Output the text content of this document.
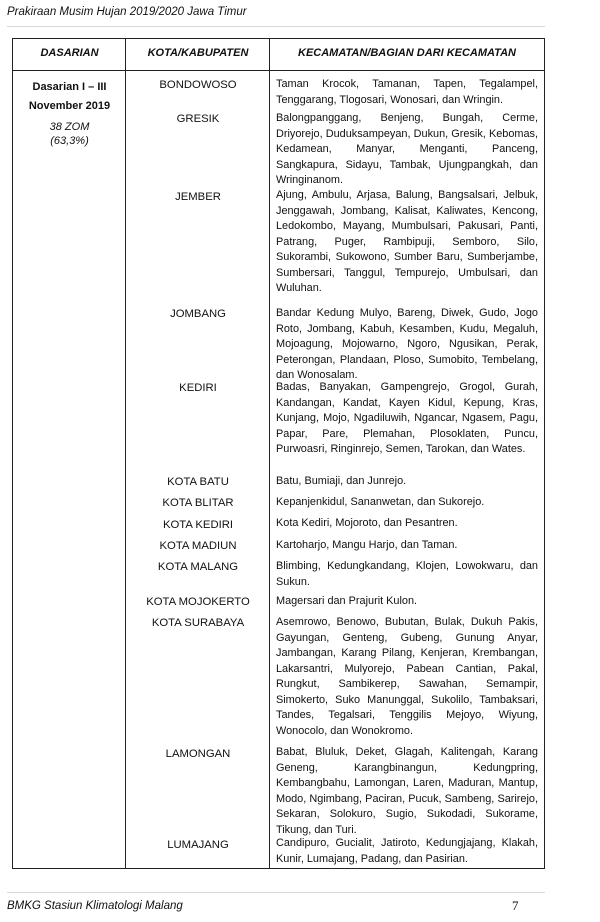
Prakiraan Musim Hujan 2019/2020 Jawa Timur
DASARIAN	KOTA/KABUPATEN	KECAMATAN/BAGIAN DARI KECAMATAN
Dasarian I – III
November 2019
38 ZOM
(63,3%)
BONDOWOSO	Taman Krocok, Tamanan, Tapen, Tegalampel, Tenggarang, Tlogosari, Wonosari, dan Wringin.
GRESIK	Balongpanggang, Benjeng, Bungah, Cerme, Driyorejo, Duduksampeyan, Dukun, Gresik, Kebomas, Kedamean, Manyar, Menganti, Panceng, Sangkapura, Sidayu, Tambak, Ujungpangkah, dan Wringinanom.
JEMBER	Ajung, Ambulu, Arjasa, Balung, Bangsalsari, Jelbuk, Jenggawah, Jombang, Kalisat, Kaliwates, Kencong, Ledokombo, Mayang, Mumbulsari, Pakusari, Panti, Patrang, Puger, Rambipuji, Semboro, Silo, Sukorambi, Sukowono, Sumber Baru, Sumberjambe, Sumbersari, Tanggul, Tempurejo, Umbulsari, dan Wuluhan.
JOMBANG	Bandar Kedung Mulyo, Bareng, Diwek, Gudo, Jogo Roto, Jombang, Kabuh, Kesamben, Kudu, Megaluh, Mojoagung, Mojowarno, Ngoro, Ngusikan, Perak, Peterongan, Plandaan, Ploso, Sumobito, Tembelang, dan Wonosalam.
KEDIRI	Badas, Banyakan, Gampengrejo, Grogol, Gurah, Kandangan, Kandat, Kayen Kidul, Kepung, Kras, Kunjang, Mojo, Ngadiluwih, Ngancar, Ngasem, Pagu, Papar, Pare, Plemahan, Plosoklaten, Puncu, Purwoasri, Ringinrejo, Semen, Tarokan, dan Wates.
KOTA BATU	Batu, Bumiaji, dan Junrejo.
KOTA BLITAR	Kepanjenkidul, Sananwetan, dan Sukorejo.
KOTA KEDIRI	Kota Kediri, Mojoroto, dan Pesantren.
KOTA MADIUN	Kartoharjo, Mangu Harjo, dan Taman.
KOTA MALANG	Blimbing, Kedungkandang, Klojen, Lowokwaru, dan Sukun.
KOTA MOJOKERTO	Magersari dan Prajurit Kulon.
KOTA SURABAYA	Asemrowo, Benowo, Bubutan, Bulak, Dukuh Pakis, Gayungan, Genteng, Gubeng, Gunung Anyar, Jambangan, Karang Pilang, Kenjeran, Krembangan, Lakarsantri, Mulyorejo, Pabean Cantian, Pakal, Rungkut, Sambikerep, Sawahan, Semampir, Simokerto, Suko Manunggal, Sukolilo, Tambaksari, Tandes, Tegalsari, Tenggilis Mejoyo, Wiyung, Wonocolo, dan Wonokromo.
LAMONGAN	Babat, Bluluk, Deket, Glagah, Kalitengah, Karang Geneng, Karangbinangun, Kedungpring, Kembangbahu, Lamongan, Laren, Maduran, Mantup, Modo, Ngimbang, Paciran, Pucuk, Sambeng, Sarirejo, Sekaran, Solokuro, Sugio, Sukodadi, Sukorame, Tikung, dan Turi.
LUMAJANG	Candipuro, Gucialit, Jatiroto, Kedungjajang, Klakah, Kunir, Lumajang, Padang, dan Pasirian.
BMKG Stasiun Klimatologi Malang	7
